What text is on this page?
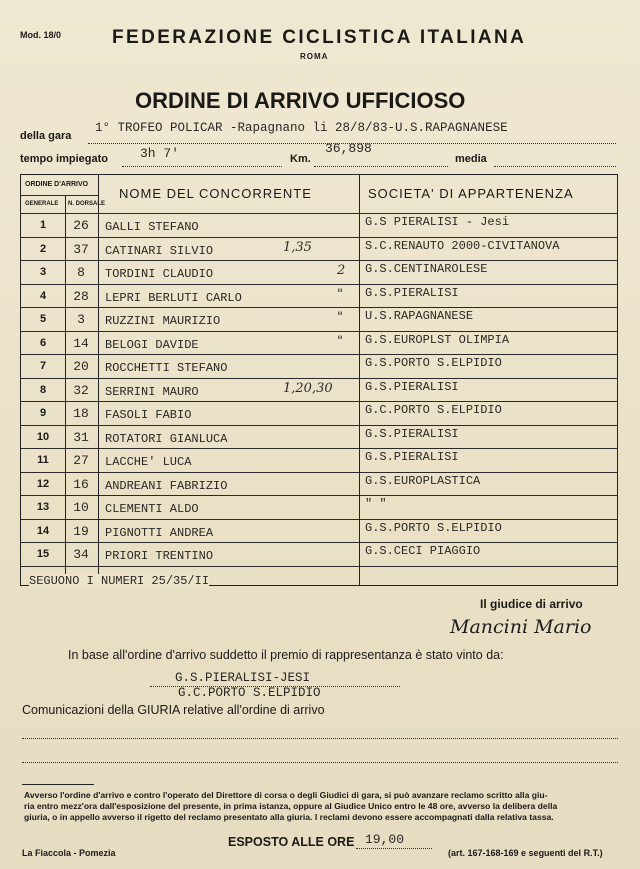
Mod. 18/0	FEDERAZIONE CICLISTICA ITALIANA
ROMA
ORDINE DI ARRIVO UFFICIOSO
della gara
1° TROFEO POLICAR -Rapagnano li 28/8/83-U.S.RAPAGNANESE
tempo impiegato 3h 7'	Km.
36,898
media
ORDINE D'ARRIVO
GENERALE N. DORSALE
NOME DEL CONCORRENTE	SOCIETA' DI APPARTENENZA
1	26	GALLI STEFANO	G.S PIERALISI - Jesi
2	37	CATINARI SILVIO	S.C.RENAUTO 2000-CIVITANOVA
1,35
3	8	TORDINI CLAUDIO	G.S.CENTINAROLESE
2
4	28	LEPRI BERLUTI CARLO	G.S.PIERALISI
"
5	3	RUZZINI MAURIZIO	U.S.RAPAGNANESE
"
6	14	BELOGI DAVIDE	G.S.EUROPLST OLIMPIA
"
7	20	ROCCHETTI STEFANO	G.S.PORTO S.ELPIDIO
8	32	SERRINI MAURO	G.S.PIERALISI
1,20,30
9	18	FASOLI FABIO	G.C.PORTO S.ELPIDIO
10	31	ROTATORI GIANLUCA	G.S.PIERALISI
11	27	LACCHE' LUCA	G.S.PIERALISI
12	16	ANDREANI FABRIZIO	G.S.EUROPLASTICA
13	10	CLEMENTI ALDO	" "
14	19	PIGNOTTI ANDREA	G.S.PORTO S.ELPIDIO
15	34	PRIORI TRENTINO	G.S.CECI PIAGGIO
SEGUONO I NUMERI 25/35/II
Il giudice di arrivo
Mancini Mario
In base all'ordine d'arrivo suddetto il premio di rappresentanza è stato vinto da:
G.S.PIERALISI-JESI
G.C.PORTO S.ELPIDIO
Comunicazioni della GIURIA relative all'ordine di arrivo
Avverso l'ordine d'arrivo e contro l'operato del Direttore di corsa o degli Giudici di gara, si può avanzare reclamo scritto alla giu-
ria entro mezz'ora dall'esposizione del presente, in prima istanza, oppure al Giudice Unico entro le 48 ore, avverso la delibera della
giuria, o in appello avverso il rigetto del reclamo presentato alla giuria. I reclami devono essere accompagnati dalla relativa tassa.
ESPOSTO ALLE ORE 19,00
La Fiaccola - Pomezia	(art. 167-168-169 e seguenti del R.T.)
